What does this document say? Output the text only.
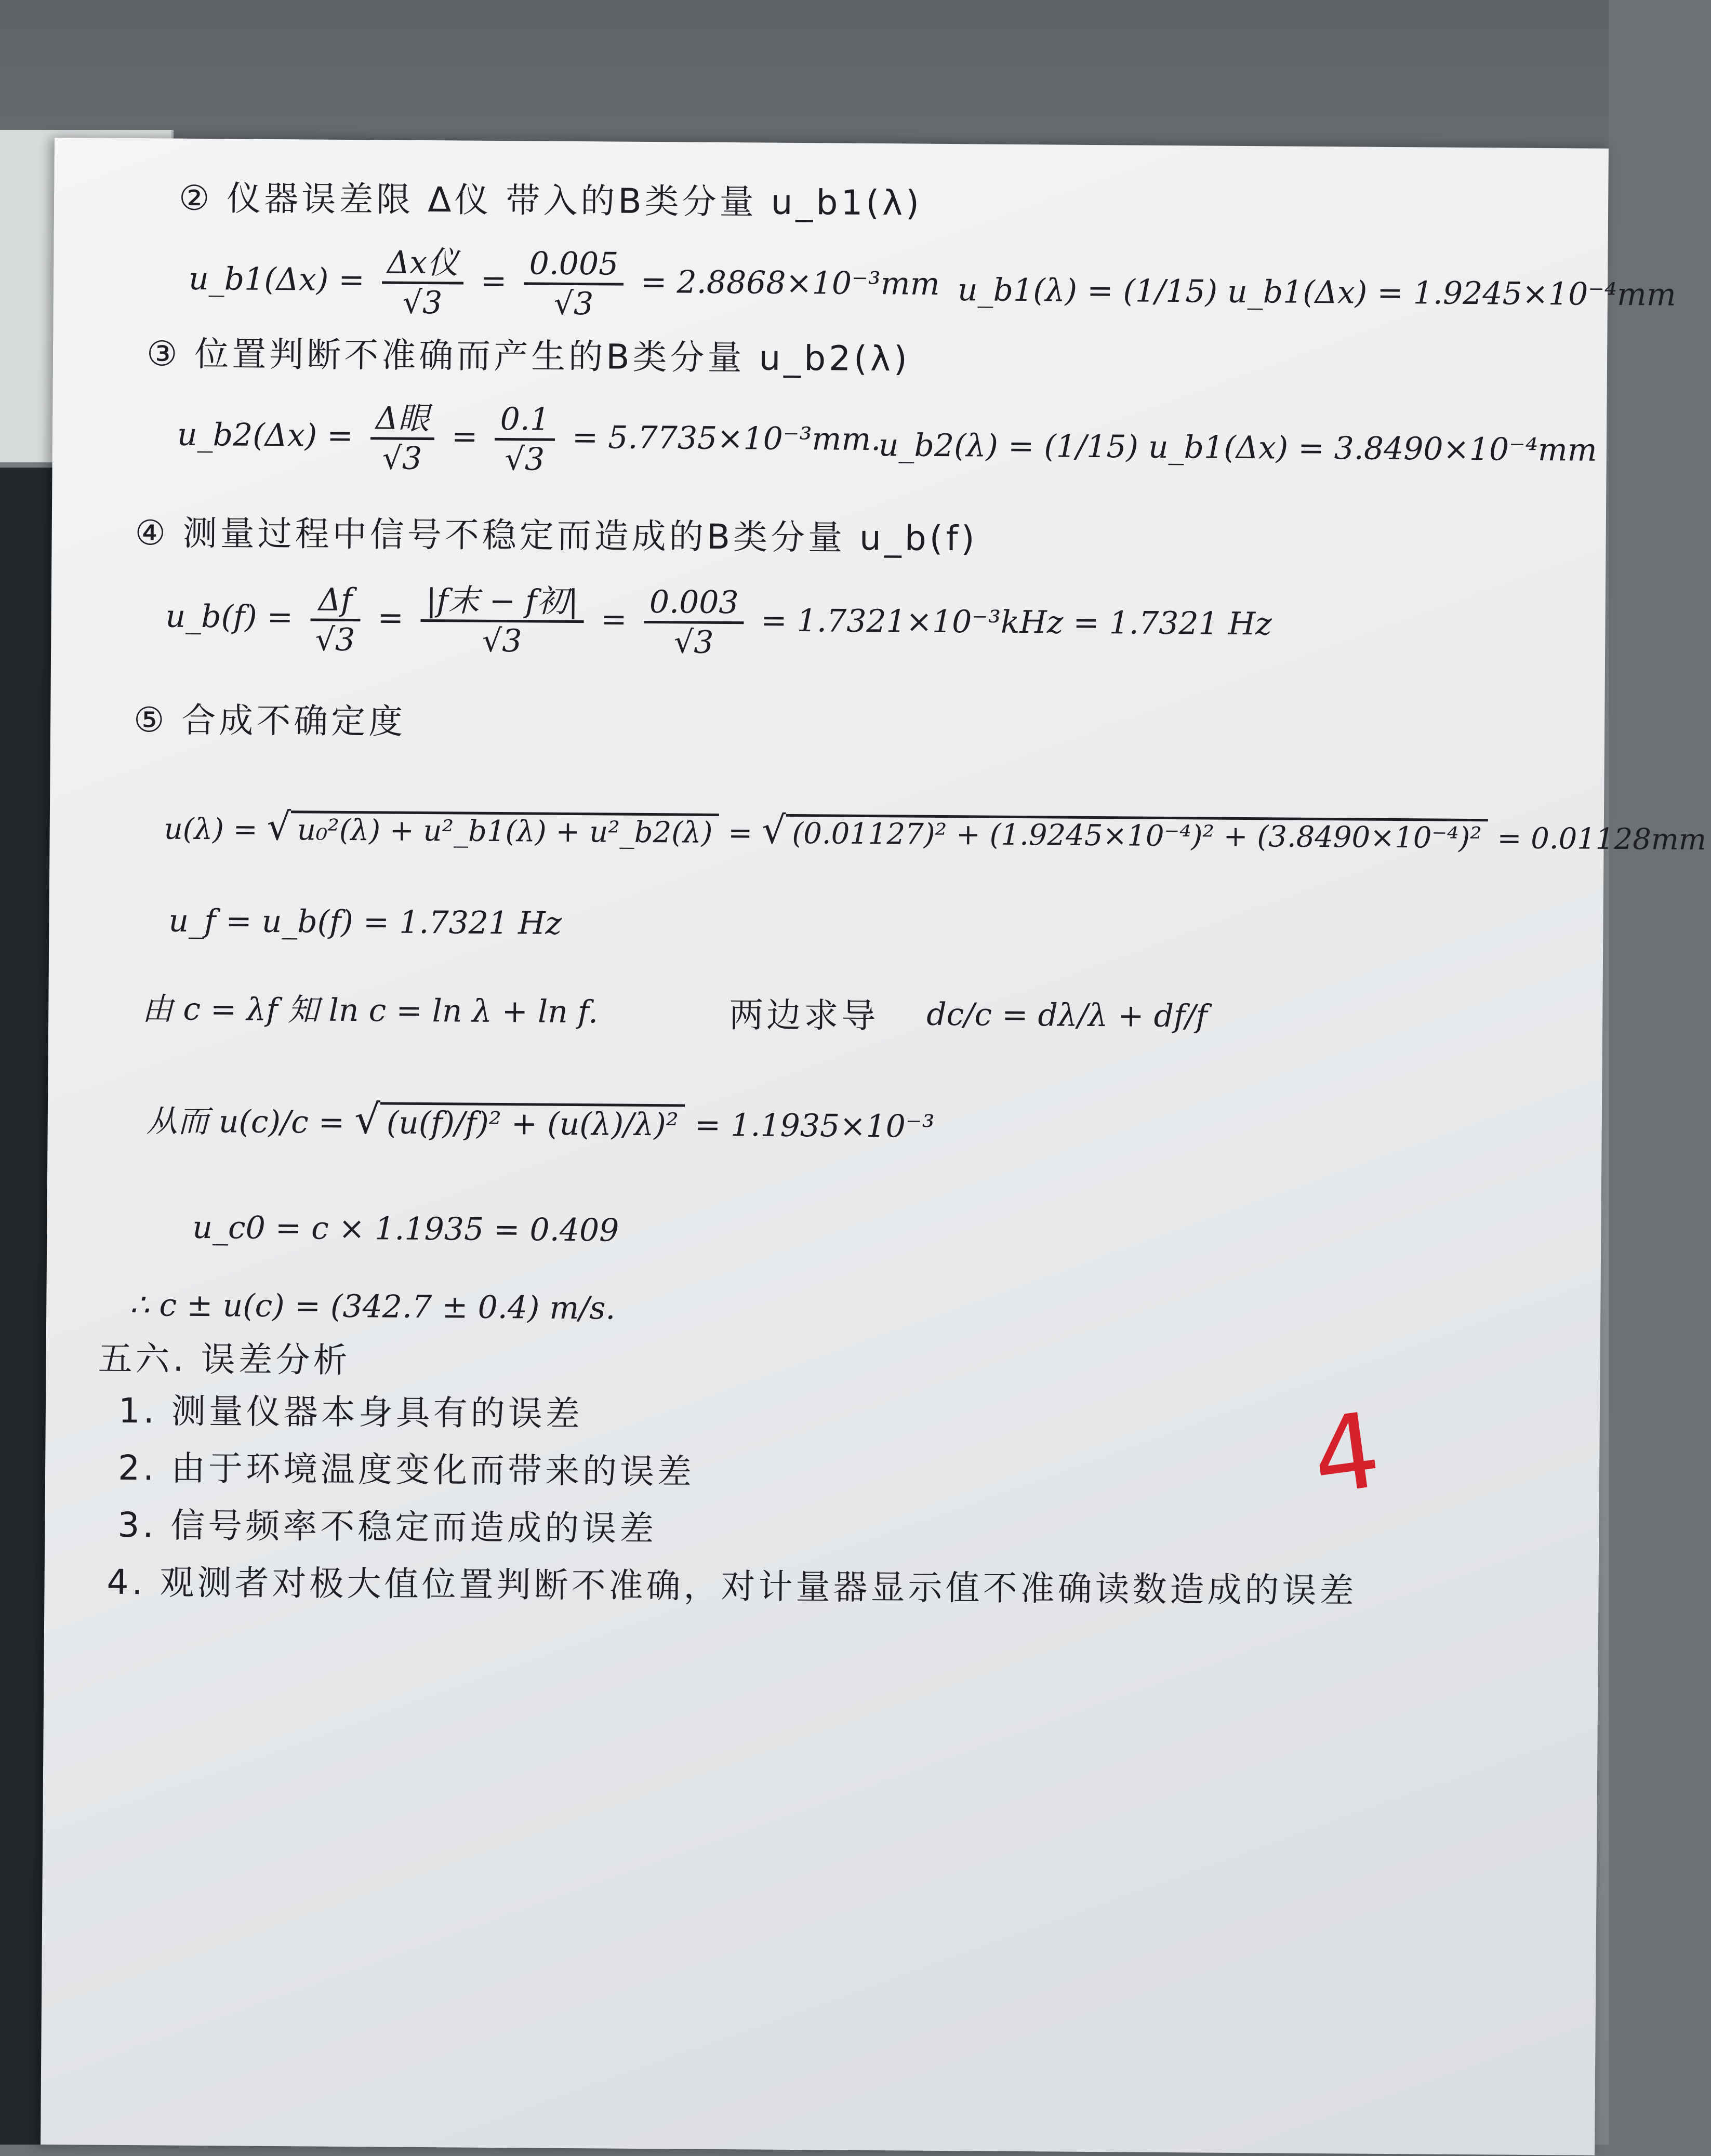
② 仪器误差限 Δ仪 带入的B类分量 u_b1(λ)
u_b1(Δx) = $\frac{\text{Δx仪}}{√3} = \frac{0.005}{√3} = 2.8868\times 10^{-3}mm$ u_b1(λ) = (1/15) u_b1(Δx) = 1.9245×10⁻⁴mm
③ 位置判断不准确而产生的B类分量 u_b2(λ)
u_b2(Δx) = $\frac{\text{Δ眼}}{√3} = \frac{0.1}{√3} = 5.7735\times 10^{-3}mm$.
u_b2(λ) = (1/15) u_b1(Δx) = 3.8490×10⁻⁴mm
④ 测量过程中信号不稳定而造成的B类分量 u_b(f)
u_b(f) = $\frac{\Delta f}{√3} = \frac{\text{|f末 − f初|}}{√3} = \frac{0.003}{√3} = 1.7321\times 10^{-3}kHz = 1.7321$ Hz
⑤ 合成不确定度
u(λ) = √ u₀²(λ) + u²_b1(λ) + u²_b2(λ) = √ (0.01127)² + (1.9245×10⁻⁴)² + (3.8490×10⁻⁴)² = 0.01128mm
u_f = u_b(f) = 1.7321 Hz
由 c = λf 知 ln c = ln λ + ln f.	两边求导 dc/c = dλ/λ + df/f
从而 u(c)/c = √ (u(f)/f)² + (u(λ)/λ)² = 1.1935×10⁻³
u_c0 = c × 1.1935 = 0.409
∴ c ± u(c) = (342.7 ± 0.4) m/s.
4
五六. 误差分析
1. 测量仪器本身具有的误差
2. 由于环境温度变化而带来的误差
3. 信号频率不稳定而造成的误差
4. 观测者对极大值位置判断不准确，对计量器显示值不准确读数造成的误差
